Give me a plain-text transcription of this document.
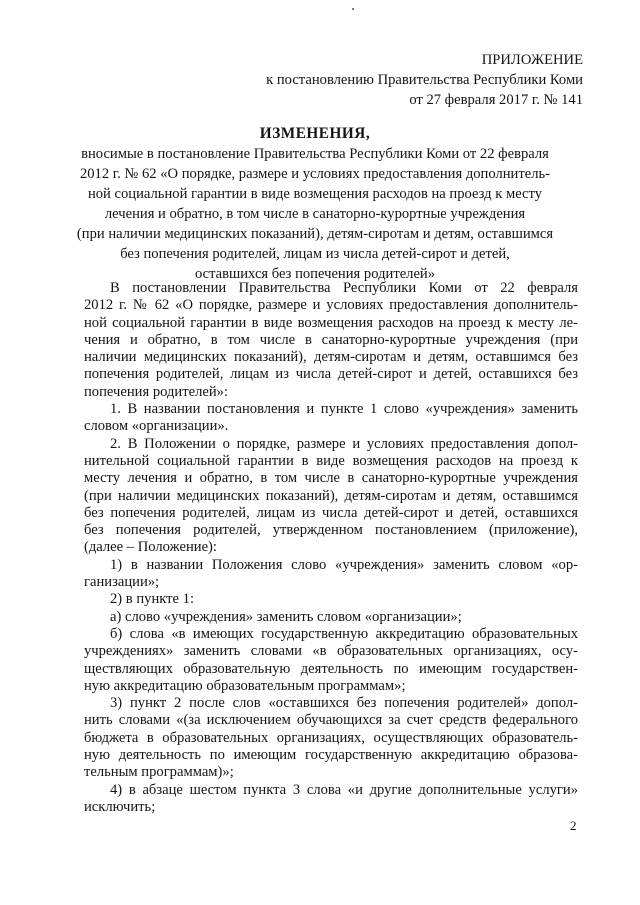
ПРИЛОЖЕНИЕ
к постановлению Правительства Республики Коми
от 27 февраля 2017 г. № 141
ИЗМЕНЕНИЯ,
вносимые в постановление Правительства Республики Коми от 22 февраля
2012 г. № 62 «О порядке, размере и условиях предоставления дополнитель-
ной социальной гарантии в виде возмещения расходов на проезд к месту
лечения и обратно, в том числе в санаторно-курортные учреждения
(при наличии медицинских показаний), детям-сиротам и детям, оставшимся
без попечения родителей, лицам из числа детей-сирот и детей,
оставшихся без попечения родителей»
В постановлении Правительства Республики Коми от 22 февраля
2012 г. № 62 «О порядке, размере и условиях предоставления дополнитель-
ной социальной гарантии в виде возмещения расходов на проезд к месту ле-
чения и обратно, в том числе в санаторно-курортные учреждения (при
наличии медицинских показаний), детям-сиротам и детям, оставшимся без
попечения родителей, лицам из числа детей-сирот и детей, оставшихся без
попечения родителей»:
1. В названии постановления и пункте 1 слово «учреждения» заменить
словом «организации».
2. В Положении о порядке, размере и условиях предоставления допол-
нительной социальной гарантии в виде возмещения расходов на проезд к
месту лечения и обратно, в том числе в санаторно-курортные учреждения
(при наличии медицинских показаний), детям-сиротам и детям, оставшимся
без попечения родителей, лицам из числа детей-сирот и детей, оставшихся
без попечения родителей, утвержденном постановлением (приложение),
(далее – Положение):
1) в названии Положения слово «учреждения» заменить словом «ор-
ганизации»;
2) в пункте 1:
а) слово «учреждения» заменить словом «организации»;
б) слова «в имеющих государственную аккредитацию образовательных
учреждениях» заменить словами «в образовательных организациях, осу-
ществляющих образовательную деятельность по имеющим государствен-
ную аккредитацию образовательным программам»;
3) пункт 2 после слов «оставшихся без попечения родителей» допол-
нить словами «(за исключением обучающихся за счет средств федерального
бюджета в образовательных организациях, осуществляющих образователь-
ную деятельность по имеющим государственную аккредитацию образова-
тельным программам)»;
4) в абзаце шестом пункта 3 слова «и другие дополнительные услуги»
исключить;
2
